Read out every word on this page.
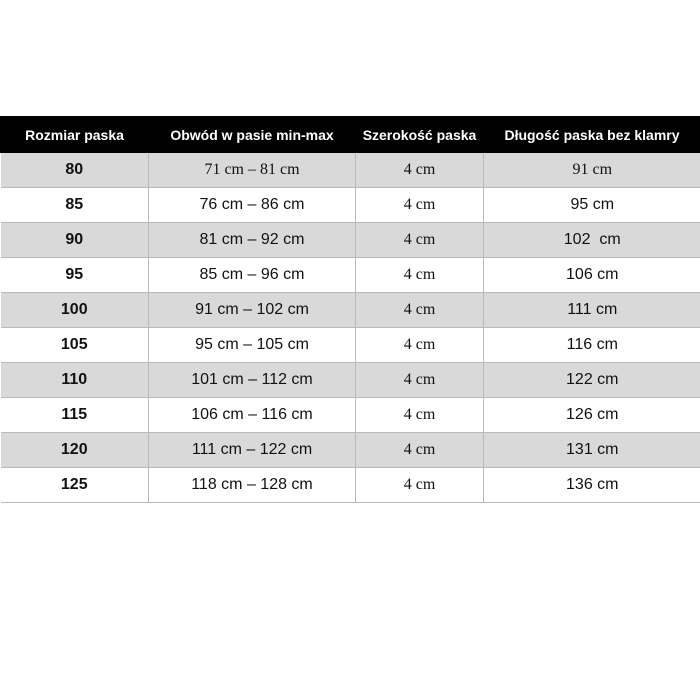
Rozmiar paska	Obwód w pasie min-max	Szerokość paska	Długość paska bez klamry
80	71 cm – 81 cm	4 cm	91 cm
85	76 cm – 86 cm	4 cm	95 cm
90	81 cm – 92 cm	4 cm	102  cm
95	85 cm – 96 cm	4 cm	106 cm
100	91 cm – 102 cm	4 cm	111 cm
105	95 cm – 105 cm	4 cm	116 cm
110	101 cm – 112 cm	4 cm	122 cm
115	106 cm – 116 cm	4 cm	126 cm
120	111 cm – 122 cm	4 cm	131 cm
125	118 cm – 128 cm	4 cm	136 cm
